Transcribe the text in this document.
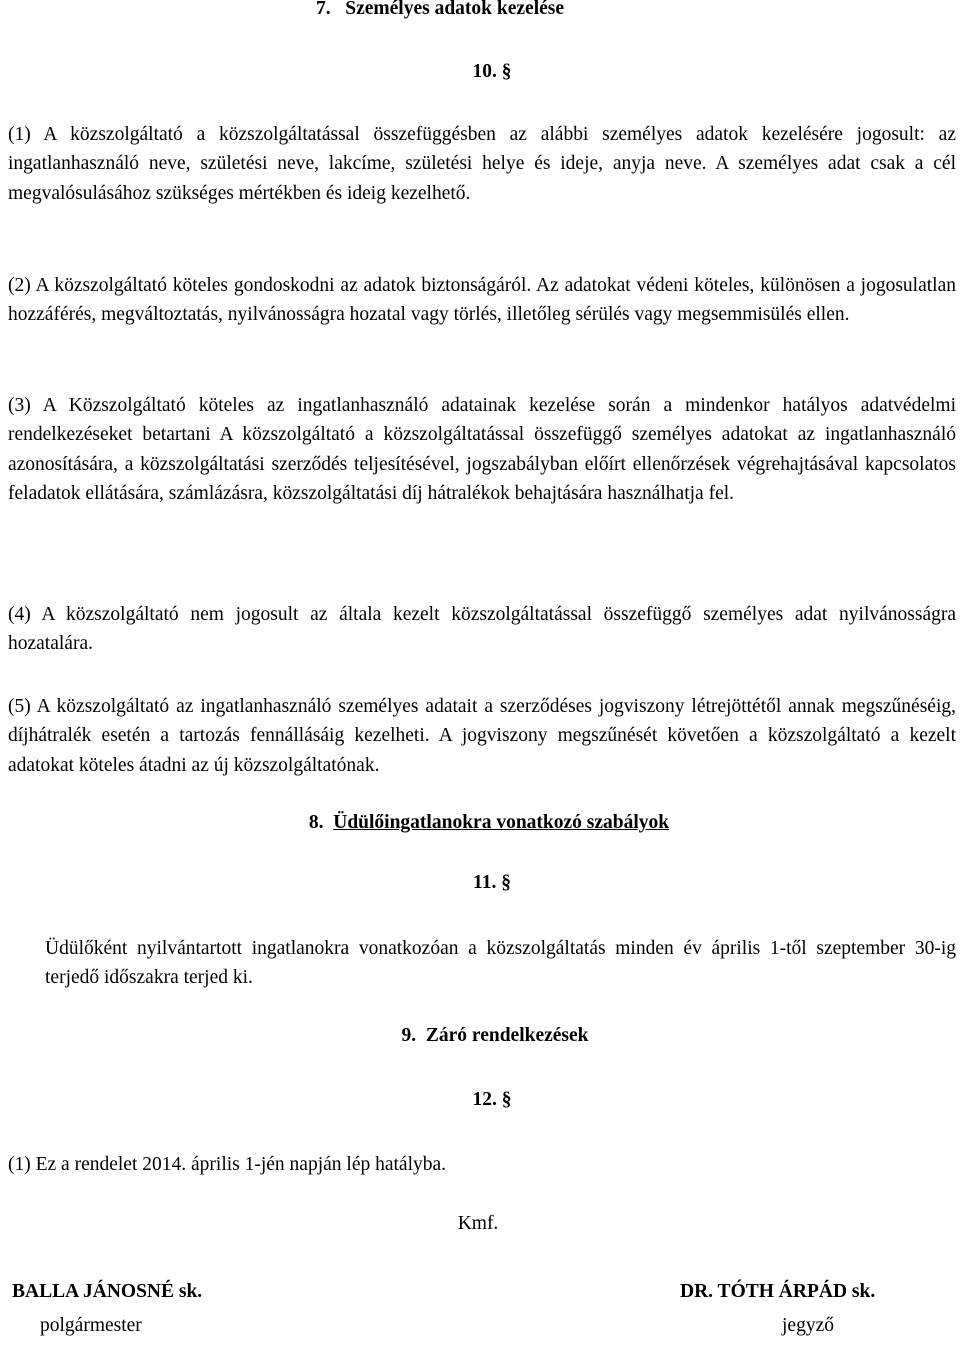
7. Személyes adatok kezelése
10. §
(1) A közszolgáltató a közszolgáltatással összefüggésben az alábbi személyes adatok kezelésére jogosult: az ingatlanhasználó neve, születési neve, lakcíme, születési helye és ideje, anyja neve. A személyes adat csak a cél megvalósulásához szükséges mértékben és ideig kezelhető.
(2) A közszolgáltató köteles gondoskodni az adatok biztonságáról. Az adatokat védeni köteles, különösen a jogosulatlan hozzáférés, megváltoztatás, nyilvánosságra hozatal vagy törlés, illetőleg sérülés vagy megsemmisülés ellen.
(3) A Közszolgáltató köteles az ingatlanhasználó adatainak kezelése során a mindenkor hatályos adatvédelmi rendelkezéseket betartani A közszolgáltató a közszolgáltatással összefüggő személyes adatokat az ingatlanhasználó azonosítására, a közszolgáltatási szerződés teljesítésével, jogszabályban előírt ellenőrzések végrehajtásával kapcsolatos feladatok ellátására, számlázásra, közszolgáltatási díj hátralékok behajtására használhatja fel.
(4) A közszolgáltató nem jogosult az általa kezelt közszolgáltatással összefüggő személyes adat nyilvánosságra hozatalára.
(5) A közszolgáltató az ingatlanhasználó személyes adatait a szerződéses jogviszony létrejöttétől annak megszűnéséig, díjhátralék esetén a tartozás fennállásáig kezelheti. A jogviszony megszűnését követően a közszolgáltató a kezelt adatokat köteles átadni az új közszolgáltatónak.
8. Üdülőingatlanokra vonatkozó szabályok
11. §
Üdülőként nyilvántartott ingatlanokra vonatkozóan a közszolgáltatás minden év április 1-től szeptember 30-ig terjedő időszakra terjed ki.
9. Záró rendelkezések
12. §
(1) Ez a rendelet 2014. április 1-jén napján lép hatályba.
Kmf.
BALLA JÁNOSNÉ sk.
polgármester
DR. TÓTH ÁRPÁD sk.
jegyző
